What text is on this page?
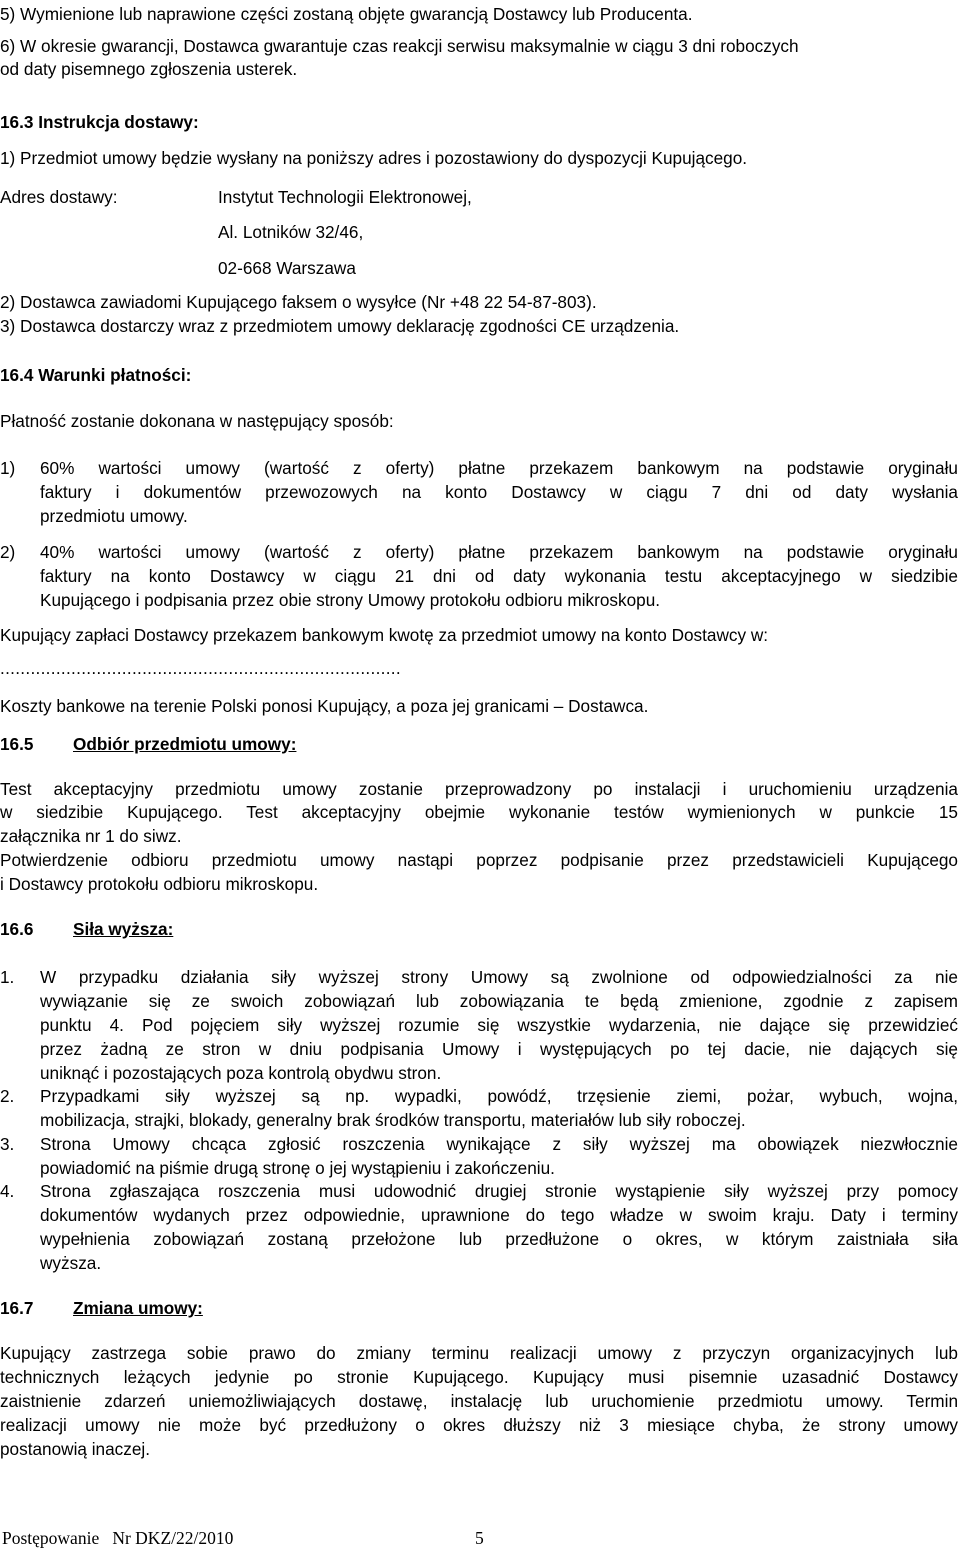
5) Wymienione lub naprawione części zostaną objęte gwarancją Dostawcy lub Producenta.
6) W okresie gwarancji, Dostawca gwarantuje czas reakcji serwisu maksymalnie w ciągu 3 dni roboczych
od daty pisemnego zgłoszenia usterek.
16.3 Instrukcja dostawy:
1) Przedmiot umowy będzie wysłany na poniższy adres i pozostawiony do dyspozycji Kupującego.
Adres dostawy:	Instytut Technologii Elektronowej,
Al. Lotników 32/46,
02-668 Warszawa
2) Dostawca zawiadomi Kupującego faksem o wysyłce (Nr +48 22 54-87-803).
3) Dostawca dostarczy wraz z przedmiotem umowy deklarację zgodności CE urządzenia.
16.4 Warunki płatności:
Płatność zostanie dokonana w następujący sposób:
1) 60% wartości umowy (wartość z oferty) płatne przekazem bankowym na podstawie oryginału
faktury i dokumentów przewozowych na konto Dostawcy w ciągu 7 dni od daty wysłania
przedmiotu umowy.
2) 40% wartości umowy (wartość z oferty) płatne przekazem bankowym na podstawie oryginału
faktury na konto Dostawcy w ciągu 21 dni od daty wykonania testu akceptacyjnego w siedzibie
Kupującego i podpisania przez obie strony Umowy protokołu odbioru mikroskopu.
Kupujący zapłaci Dostawcy przekazem bankowym kwotę za przedmiot umowy na konto Dostawcy w:
...............................................................................
Koszty bankowe na terenie Polski ponosi Kupujący, a poza jej granicami – Dostawca.
16.5 Odbiór przedmiotu umowy:
Test akceptacyjny przedmiotu umowy zostanie przeprowadzony po instalacji i uruchomieniu urządzenia
w siedzibie Kupującego. Test akceptacyjny obejmie wykonanie testów wymienionych w punkcie 15
załącznika nr 1 do siwz.
Potwierdzenie odbioru przedmiotu umowy nastąpi poprzez podpisanie przez przedstawicieli Kupującego
i Dostawcy protokołu odbioru mikroskopu.
16.6 Siła wyższa:
1. W przypadku działania siły wyższej strony Umowy są zwolnione od odpowiedzialności za nie
wywiązanie się ze swoich zobowiązań lub zobowiązania te będą zmienione, zgodnie z zapisem
punktu 4. Pod pojęciem siły wyższej rozumie się wszystkie wydarzenia, nie dające się przewidzieć
przez żadną ze stron w dniu podpisania Umowy i występujących po tej dacie, nie dających się
uniknąć i pozostających poza kontrolą obydwu stron.
2. Przypadkami siły wyższej są np. wypadki, powódź, trzęsienie ziemi, pożar, wybuch, wojna,
mobilizacja, strajki, blokady, generalny brak środków transportu, materiałów lub siły roboczej.
3. Strona Umowy chcąca zgłosić roszczenia wynikające z siły wyższej ma obowiązek niezwłocznie
powiadomić na piśmie drugą stronę o jej wystąpieniu i zakończeniu.
4. Strona zgłaszająca roszczenia musi udowodnić drugiej stronie wystąpienie siły wyższej przy pomocy
dokumentów wydanych przez odpowiednie, uprawnione do tego władze w swoim kraju. Daty i terminy
wypełnienia zobowiązań zostaną przełożone lub przedłużone o okres, w którym zaistniała siła
wyższa.
16.7 Zmiana umowy:
Kupujący zastrzega sobie prawo do zmiany terminu realizacji umowy z przyczyn organizacyjnych lub
technicznych leżących jedynie po stronie Kupującego. Kupujący musi pisemnie uzasadnić Dostawcy
zaistnienie zdarzeń uniemożliwiających dostawę, instalację lub uruchomienie przedmiotu umowy. Termin
realizacji umowy nie może być przedłużony o okres dłuższy niż 3 miesiące chyba, że strony umowy
postanowią inaczej.
Postępowanie   Nr DKZ/22/2010	5
